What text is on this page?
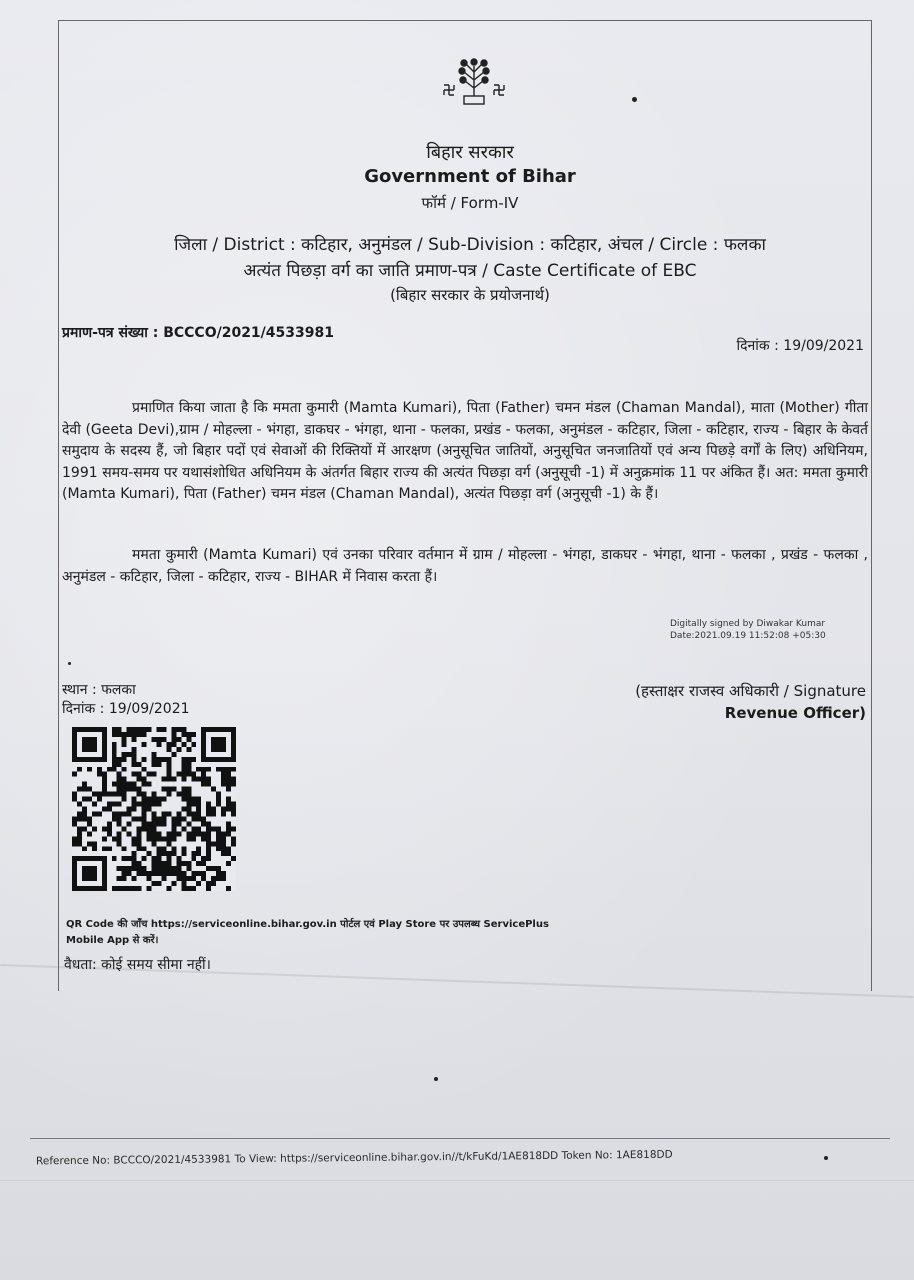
बिहार सरकार
Government of Bihar
फॉर्म / Form-IV
जिला / District : कटिहार, अनुमंडल / Sub-Division : कटिहार, अंचल / Circle : फलका
अत्यंत पिछड़ा वर्ग का जाति प्रमाण-पत्र / Caste Certificate of EBC
(बिहार सरकार के प्रयोजनार्थ)
प्रमाण-पत्र संख्या : BCCCO/2021/4533981
दिनांक : 19/09/2021
प्रमाणित किया जाता है कि ममता कुमारी (Mamta Kumari), पिता (Father) चमन मंडल (Chaman Mandal), माता (Mother) गीता देवी (Geeta Devi),ग्राम / मोहल्ला - भंगहा, डाकघर - भंगहा, थाना - फलका, प्रखंड - फलका, अनुमंडल - कटिहार, जिला - कटिहार, राज्य - बिहार के केवर्त समुदाय के सदस्य हैं, जो बिहार पदों एवं सेवाओं की रिक्तियों में आरक्षण (अनुसूचित जातियों, अनुसूचित जनजातियों एवं अन्य पिछड़े वर्गों के लिए) अधिनियम, 1991 समय-समय पर यथासंशोधित अधिनियम के अंतर्गत बिहार राज्य की अत्यंत पिछड़ा वर्ग (अनुसूची -1) में अनुक्रमांक 11 पर अंकित हैं। अत: ममता कुमारी (Mamta Kumari), पिता (Father) चमन मंडल (Chaman Mandal), अत्यंत पिछड़ा वर्ग (अनुसूची -1) के हैं।
ममता कुमारी (Mamta Kumari) एवं उनका परिवार वर्तमान में ग्राम / मोहल्ला - भंगहा, डाकघर - भंगहा, थाना - फलका , प्रखंड - फलका , अनुमंडल - कटिहार, जिला - कटिहार, राज्य - BIHAR में निवास करता हैं।
Digitally signed by Diwakar Kumar
Date:2021.09.19 11:52:08 +05:30
स्थान : फलका
दिनांक : 19/09/2021
(हस्ताक्षर राजस्व अधिकारी / Signature
Revenue Officer)
QR Code की जाँच https://serviceonline.bihar.gov.in पोर्टल एवं Play Store पर उपलब्ध ServicePlus
Mobile App से करें।
वैधता: कोई समय सीमा नहीं।
Reference No: BCCCO/2021/4533981 To View: https://serviceonline.bihar.gov.in//t/kFuKd/1AE818DD Token No: 1AE818DD
